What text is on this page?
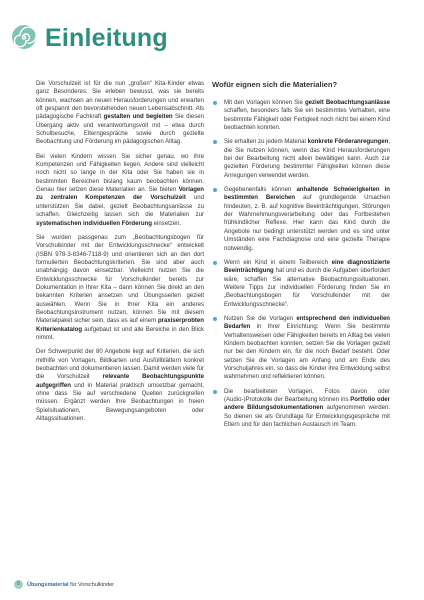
Einleitung

Die Vorschulzeit ist für die nun „großen“ Kita-Kinder etwas ganz Besonderes: Sie erleben bewusst, was sie bereits können, wachsen an neuen Herausforderungen und erwarten oft gespannt den bevorstehenden neuen Lebensabschnitt. Als pädagogische Fachkraft gestalten und begleiten Sie diesen Übergang aktiv und verantwortungsvoll mit – etwa durch Schulbesuche, Elterngespräche sowie durch gezielte Beobachtung und Förderung im pädagogischen Alltag.

Bei vielen Kindern wissen Sie sicher genau, wo ihre Kompetenzen und Fähigkeiten liegen. Andere sind vielleicht noch nicht so lange in der Kita oder Sie haben sie in bestimmten Bereichen bislang kaum beobachten können. Genau hier setzen diese Materialien an. Sie bieten Vorlagen zu zentralen Kompetenzen der Vorschulzeit und unterstützen Sie dabei, gezielt Beobachtungsanlässe zu schaffen. Gleichzeitig lassen sich die Materialien zur systematischen individuellen Förderung einsetzen.

Sie wurden passgenau zum „Beobachtungsbogen für Vorschulkinder mit der Entwicklungsschnecke“ entwickelt (ISBN 978-3-8346-7118-9) und orientieren sich an den dort formulierten Beobachtungskriterien. Sie sind aber auch unabhängig davon einsetzbar. Vielleicht nutzen Sie die Entwicklungsschnecke für Vorschulkinder bereits zur Dokumentation in Ihrer Kita – dann können Sie direkt an den bekannten Kriterien ansetzen und Übungsseiten gezielt auswählen. Wenn Sie in Ihrer Kita ein anderes Beobachtungsinstrument nutzen, können Sie mit diesem Materialpaket sicher sein, dass es auf einem praxiserprobten Kriterienkatalog aufgebaut ist und alle Bereiche in den Blick nimmt.

Der Schwerpunkt der 80 Angebote liegt auf Kriterien, die sich mithilfe von Vorlagen, Bildkarten und Ausfüllblättern konkret beobachten und dokumentieren lassen. Damit werden viele für die Vorschulzeit relevante Beobachtungspunkte aufgegriffen und in Material praktisch umsetzbar gemacht, ohne dass Sie auf verschiedene Quellen zurückgreifen müssen. Ergänzt werden Ihre Beobachtungen in freien Spielsituationen, Bewegungsangeboten oder Alltagssituationen.

Wofür eignen sich die Materialien?
Mit den Vorlagen können Sie gezielt Beobachtungsanlässe schaffen, besonders falls Sie ein bestimmtes Verhalten, eine bestimmte Fähigkeit oder Fertigkeit noch nicht bei einem Kind beobachten konnten.
Sie erhalten zu jedem Material konkrete Förderanregungen, die Sie nutzen können, wenn das Kind Herausforderungen bei der Bearbeitung nicht allein bewältigen kann. Auch zur gezielten Förderung bestimmter Fähigkeiten können diese Anregungen verwendet werden.
Gegebenenfalls können anhaltende Schwierigkeiten in bestimmten Bereichen auf grundlegende Ursachen hindeuten, z. B. auf kognitive Beeinträchtigungen, Störungen der Wahrnehmungsverarbeitung oder das Fortbestehen frühkindlicher Reflexe. Hier kann das Kind durch die Angebote nur bedingt unterstützt werden und es sind unter Umständen eine Fachdiagnose und eine gezielte Therapie notwendig.
Wenn ein Kind in einem Teilbereich eine diagnostizierte Beeinträchtigung hat und es durch die Aufgaben überfordert wäre, schaffen Sie alternative Beobachtungssituationen. Weitere Tipps zur individuellen Förderung finden Sie im „Beobachtungsbogen für Vorschulkinder mit der Entwicklungsschnecke“.
Nutzen Sie die Vorlagen entsprechend den individuellen Bedarfen in Ihrer Einrichtung: Wenn Sie bestimmte Verhaltensweisen oder Fähigkeiten bereits im Alltag bei vielen Kindern beobachten konnten, setzen Sie die Vorlagen gezielt nur bei den Kindern ein, für die noch Bedarf besteht. Oder setzen Sie die Vorlagen am Anfang und am Ende des Vorschuljahres ein, so dass die Kinder ihre Entwicklung selbst wahrnehmen und reflektieren können.
Die bearbeiteten Vorlagen, Fotos davon oder (Audio-)Protokolle der Bearbeitung können ins Portfolio oder andere Bildungsdokumentationen aufgenommen werden. So dienen sie als Grundlage für Entwicklungsgespräche mit Eltern und für den fachlichen Austausch im Team.
6 Übungsmaterial für Vorschulkinder
